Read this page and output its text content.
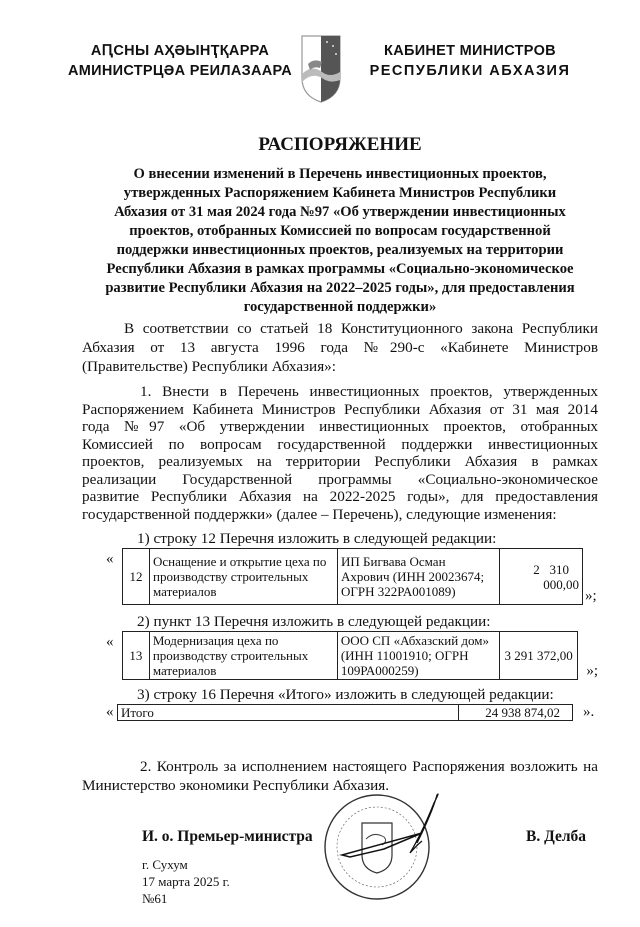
АԤСНЫ АҲӘЫНҬҚАРРА
АМИНИСТРЦӘА РЕИЛАЗААРА
КАБИНЕТ МИНИСТРОВ
РЕСПУБЛИКИ АБХАЗИЯ
РАСПОРЯЖЕНИЕ
О внесении изменений в Перечень инвестиционных проектов,
утвержденных Распоряжением Кабинета Министров Республики
Абхазия от 31 мая 2024 года №97 «Об утверждении инвестиционных
проектов, отобранных Комиссией по вопросам государственной
поддержки инвестиционных проектов, реализуемых на территории
Республики Абхазия в рамках программы «Социально-экономическое
развитие Республики Абхазия на 2022–2025 годы», для предоставления
государственной поддержки»
В соответствии со статьей 18 Конституционного закона Республики
Абхазия от 13 августа 1996 года №290-с «Кабинете Министров
(Правительстве) Республики Абхазия»:
1. Внести в Перечень инвестиционных проектов, утвержденных
Распоряжением Кабинета Министров Республики Абхазия от 31 мая 2014
года №97 «Об утверждении инвестиционных проектов, отобранных
Комиссией по вопросам государственной поддержки инвестиционных
проектов, реализуемых на территории Республики Абхазия в рамках
реализации Государственной программы «Социально-экономическое
развитие Республики Абхазия на 2022-2025 годы», для предоставления
государственной поддержки» (далее – Перечень), следующие изменения:
1) строку 12 Перечня изложить в следующей редакции:
«
12	Оснащение и открытие цеха по производству строительных материалов	ИП Бигвава Осман Ахрович (ИНН 20023674; ОГРН 322РА001089)	
2   310
000,00
»;
2) пункт 13 Перечня изложить в следующей редакции:
«
13	Модернизация цеха по производству строительных материалов	ООО СП «Абхазский дом» (ИНН 11001910; ОГРН 109РА000259)	3 291 372,00
»;
3) строку 16 Перечня «Итого» изложить в следующей редакции:
« Итого	24 938 874,02	».
2. Контроль за исполнением настоящего Распоряжения возложить на
Министерство экономики Республики Абхазия.
И. о. Премьер-министра	В. Делба
г. Сухум
17 марта 2025 г.
№61
